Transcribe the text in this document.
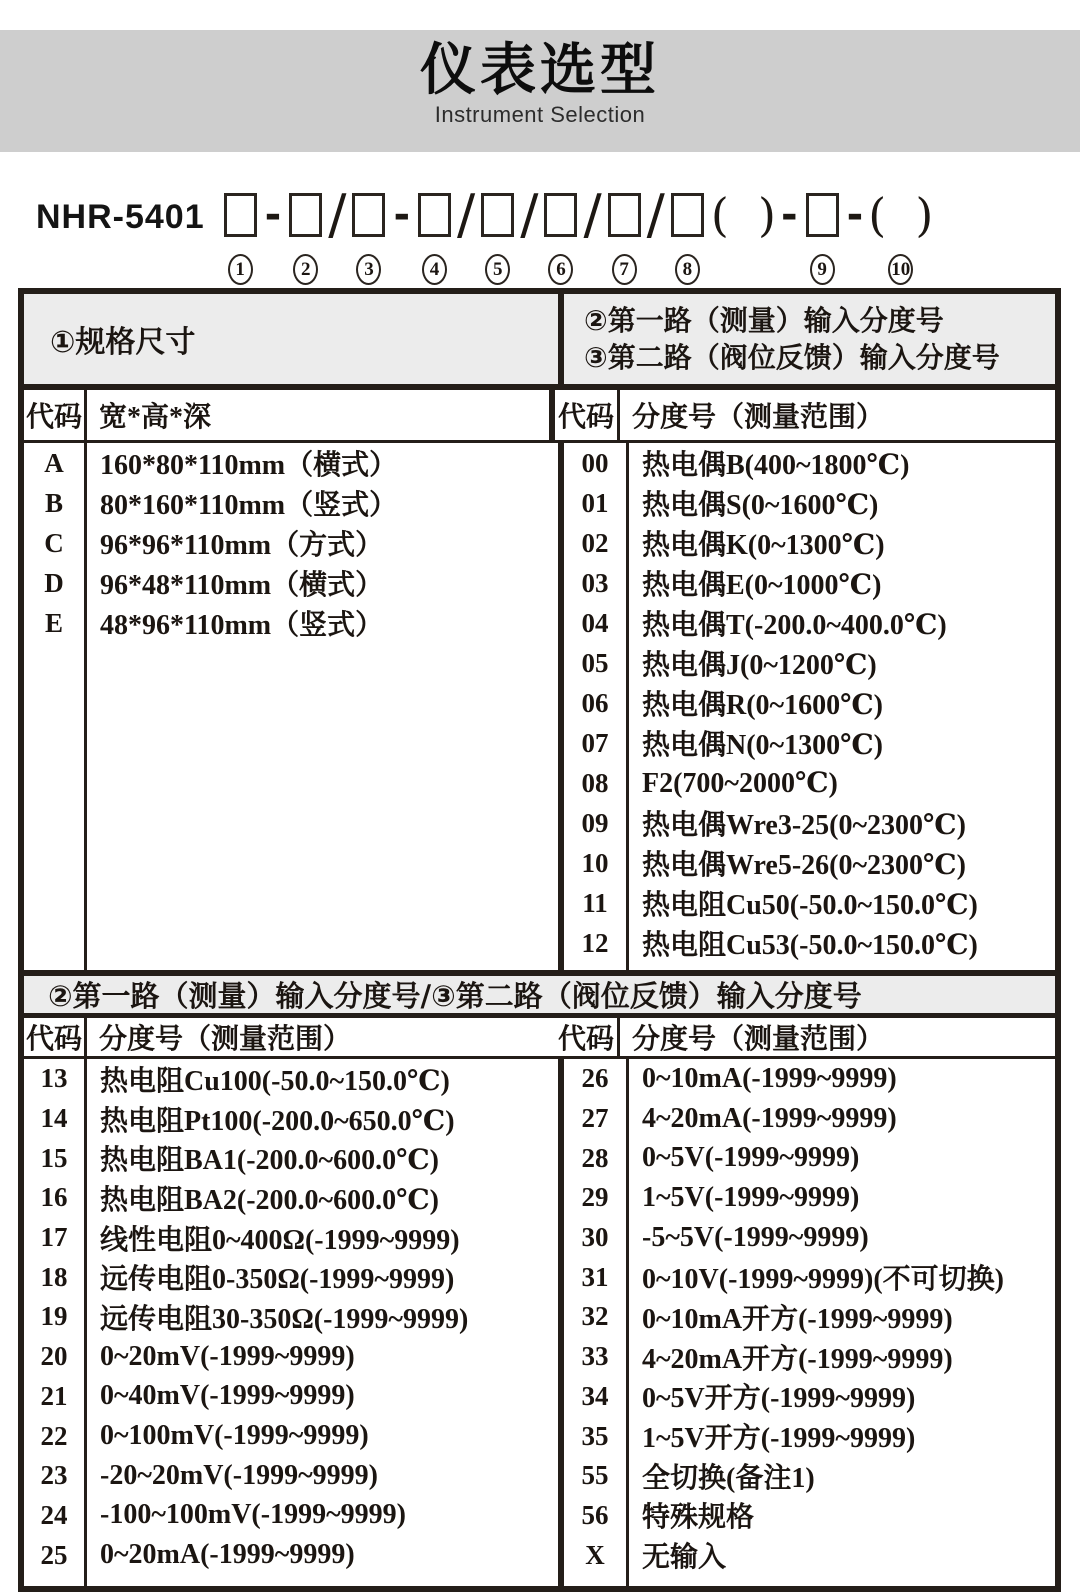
仪表选型
Instrument Selection
NHR-5401
1
-
2
/
3
-
4
/
5
/
6
/
7
/
8
(  ) -
9
- (  )
10
①规格尺寸
②第一路（测量）输入分度号
③第二路（阀位反馈）输入分度号
代码 宽*高*深	代码 分度号（测量范围）
A
B
C
D
E
160*80*110mm（横式）
80*160*110mm（竖式）
96*96*110mm（方式）
96*48*110mm（横式）
48*96*110mm（竖式）
00
01
02
03
04
05
06
07
08
09
10
11
12
热电偶B(400~1800℃)
热电偶S(0~1600℃)
热电偶K(0~1300℃)
热电偶E(0~1000℃)
热电偶T(-200.0~400.0℃)
热电偶J(0~1200℃)
热电偶R(0~1600℃)
热电偶N(0~1300℃)
F2(700~2000℃)
热电偶Wre3-25(0~2300℃)
热电偶Wre5-26(0~2300℃)
热电阻Cu50(-50.0~150.0℃)
热电阻Cu53(-50.0~150.0℃)
②第一路（测量）输入分度号/③第二路（阀位反馈）输入分度号
代码 分度号（测量范围）	代码 分度号（测量范围）
13
14
15
16
17
18
19
20
21
22
23
24
25
热电阻Cu100(-50.0~150.0℃)
热电阻Pt100(-200.0~650.0℃)
热电阻BA1(-200.0~600.0℃)
热电阻BA2(-200.0~600.0℃)
线性电阻0~400Ω(-1999~9999)
远传电阻0-350Ω(-1999~9999)
远传电阻30-350Ω(-1999~9999)
0~20mV(-1999~9999)
0~40mV(-1999~9999)
0~100mV(-1999~9999)
-20~20mV(-1999~9999)
-100~100mV(-1999~9999)
0~20mA(-1999~9999)
26
27
28
29
30
31
32
33
34
35
55
56
X
0~10mA(-1999~9999)
4~20mA(-1999~9999)
0~5V(-1999~9999)
1~5V(-1999~9999)
-5~5V(-1999~9999)
0~10V(-1999~9999)(不可切换)
0~10mA开方(-1999~9999)
4~20mA开方(-1999~9999)
0~5V开方(-1999~9999)
1~5V开方(-1999~9999)
全切换(备注1)
特殊规格
无输入
